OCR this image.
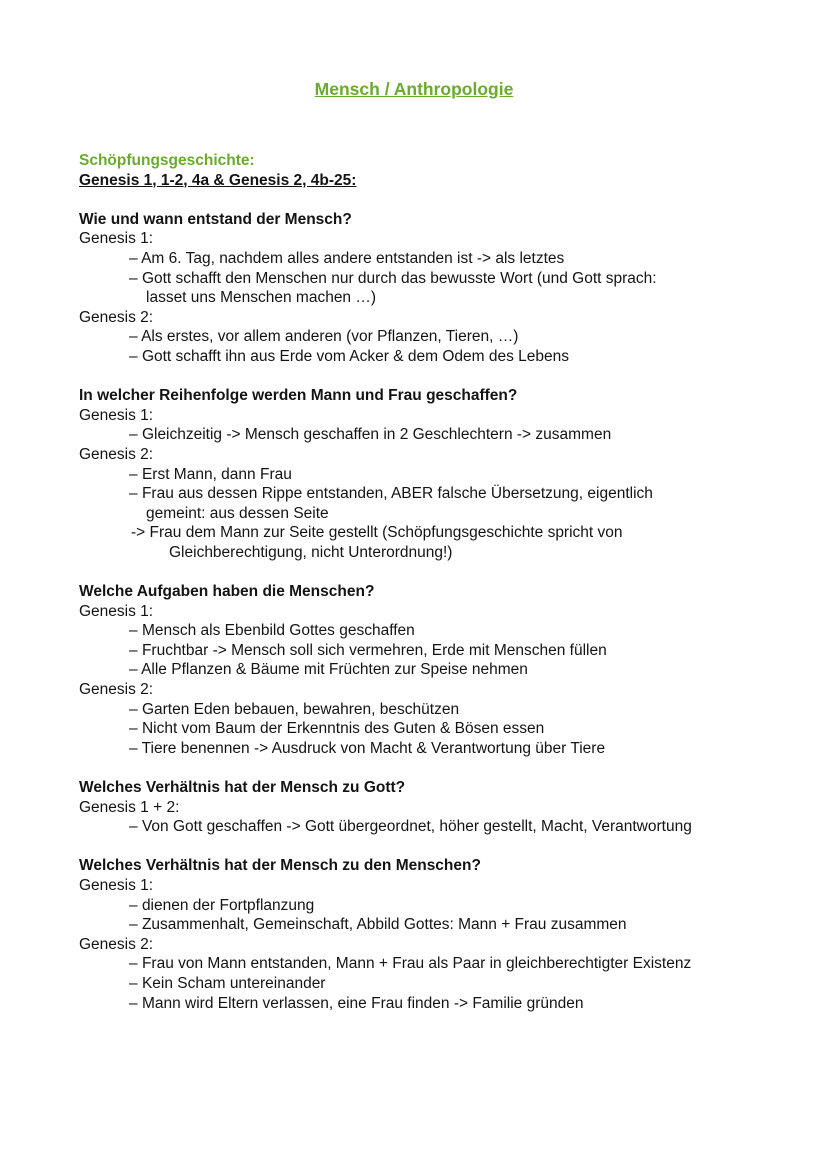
Mensch / Anthropologie

Schöpfungsgeschichte:

Genesis 1, 1-2, 4a & Genesis 2, 4b-25:

Wie und wann entstand der Mensch?

Genesis 1:

– Am 6. Tag, nachdem alles andere entstanden ist -> als letztes
– Gott schafft den Menschen nur durch das bewusste Wort (und Gott sprach:

lasset uns Menschen machen …)

Genesis 2:

– Als erstes, vor allem anderen (vor Pflanzen, Tieren, …)
– Gott schafft ihn aus Erde vom Acker & dem Odem des Lebens

In welcher Reihenfolge werden Mann und Frau geschaffen?

Genesis 1:

– Gleichzeitig -> Mensch geschaffen in 2 Geschlechtern -> zusammen

Genesis 2:

– Erst Mann, dann Frau
– Frau aus dessen Rippe entstanden, ABER falsche Übersetzung, eigentlich

gemeint: aus dessen Seite

-> Frau dem Mann zur Seite gestellt (Schöpfungsgeschichte spricht von

Gleichberechtigung, nicht Unterordnung!)

Welche Aufgaben haben die Menschen?

Genesis 1:

– Mensch als Ebenbild Gottes geschaffen
– Fruchtbar -> Mensch soll sich vermehren, Erde mit Menschen füllen
– Alle Pflanzen & Bäume mit Früchten zur Speise nehmen

Genesis 2:

– Garten Eden bebauen, bewahren, beschützen
– Nicht vom Baum der Erkenntnis des Guten & Bösen essen
– Tiere benennen -> Ausdruck von Macht & Verantwortung über Tiere

Welches Verhältnis hat der Mensch zu Gott?

Genesis 1 + 2:

– Von Gott geschaffen -> Gott übergeordnet, höher gestellt, Macht, Verantwortung

Welches Verhältnis hat der Mensch zu den Menschen?

Genesis 1:

– dienen der Fortpflanzung
– Zusammenhalt, Gemeinschaft, Abbild Gottes: Mann + Frau zusammen

Genesis 2:

– Frau von Mann entstanden, Mann + Frau als Paar in gleichberechtigter Existenz
– Kein Scham untereinander
– Mann wird Eltern verlassen, eine Frau finden -> Familie gründen
